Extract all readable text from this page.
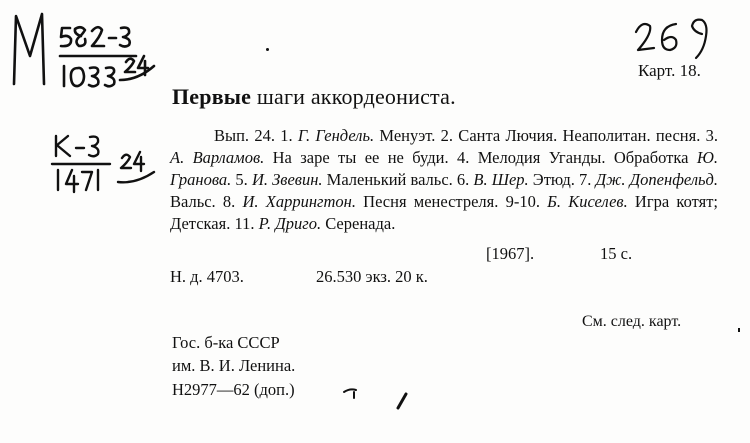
Карт. 18.
Первые шаги аккордеониста.
Вып. 24. 1. Г. Гендель. Менуэт. 2. Санта Лючия. Неаполитан. песня. 3. А. Варламов. На заре ты ее не буди. 4. Мелодия Уганды. Обработка Ю. Гранова. 5. И. Звевин. Маленький вальс. 6. В. Шер. Этюд. 7. Дж. Допенфельд. Вальс. 8. И. Харрингтон. Песня менестреля. 9-10. Б. Киселев. Игра котят; Детская. 11. Р. Дриго. Серенада.
[1967].	15 с.
Н. д. 4703.	26.530 экз. 20 к.
См. след. карт.
Гос. б-ка СССР
им. В. И. Ленина.
Н2977—62 (доп.)
